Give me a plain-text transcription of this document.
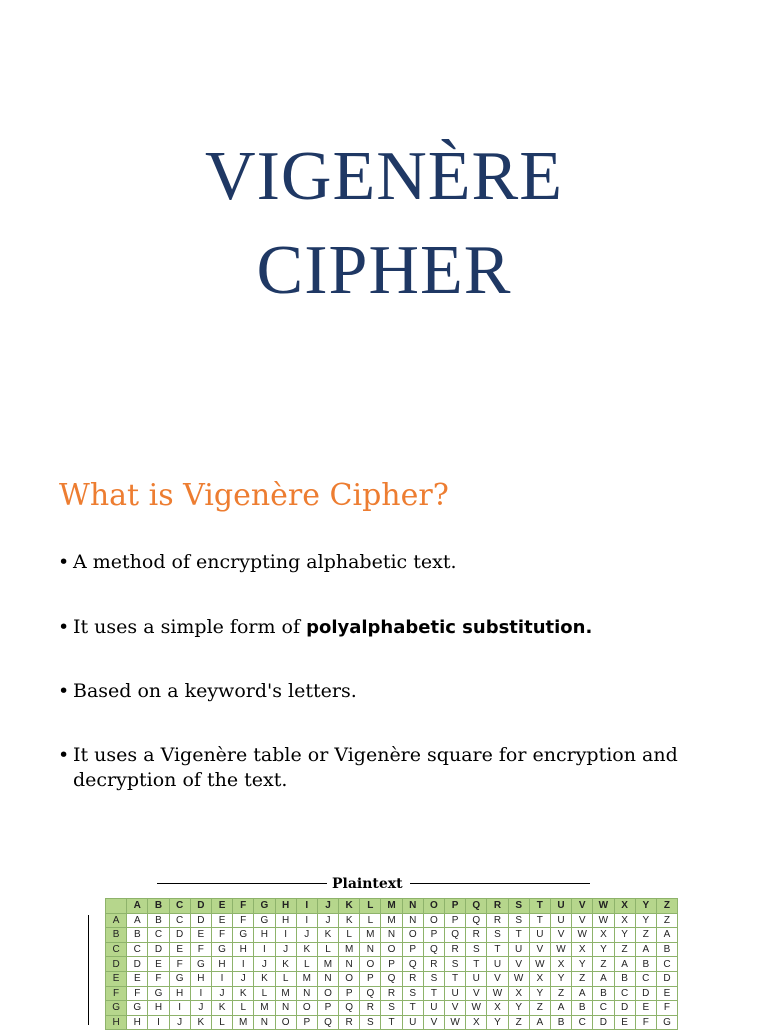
VIGENÈRE
CIPHER
What is Vigenère Cipher?
• A method of encrypting alphabetic text.
• It uses a simple form of polyalphabetic substitution.
• Based on a keyword's letters.
• It uses a Vigenère table or Vigenère square for encryption and decryption of the text.
Plaintext
	A	B	C	D	E	F	G	H	I	J	K	L	M	N	O	P	Q	R	S	T	U	V	W	X	Y	Z
A	A	B	C	D	E	F	G	H	I	J	K	L	M	N	O	P	Q	R	S	T	U	V	W	X	Y	Z
B	B	C	D	E	F	G	H	I	J	K	L	M	N	O	P	Q	R	S	T	U	V	W	X	Y	Z	A
C	C	D	E	F	G	H	I	J	K	L	M	N	O	P	Q	R	S	T	U	V	W	X	Y	Z	A	B
D	D	E	F	G	H	I	J	K	L	M	N	O	P	Q	R	S	T	U	V	W	X	Y	Z	A	B	C
E	E	F	G	H	I	J	K	L	M	N	O	P	Q	R	S	T	U	V	W	X	Y	Z	A	B	C	D
F	F	G	H	I	J	K	L	M	N	O	P	Q	R	S	T	U	V	W	X	Y	Z	A	B	C	D	E
G	G	H	I	J	K	L	M	N	O	P	Q	R	S	T	U	V	W	X	Y	Z	A	B	C	D	E	F
H	H	I	J	K	L	M	N	O	P	Q	R	S	T	U	V	W	X	Y	Z	A	B	C	D	E	F	G
